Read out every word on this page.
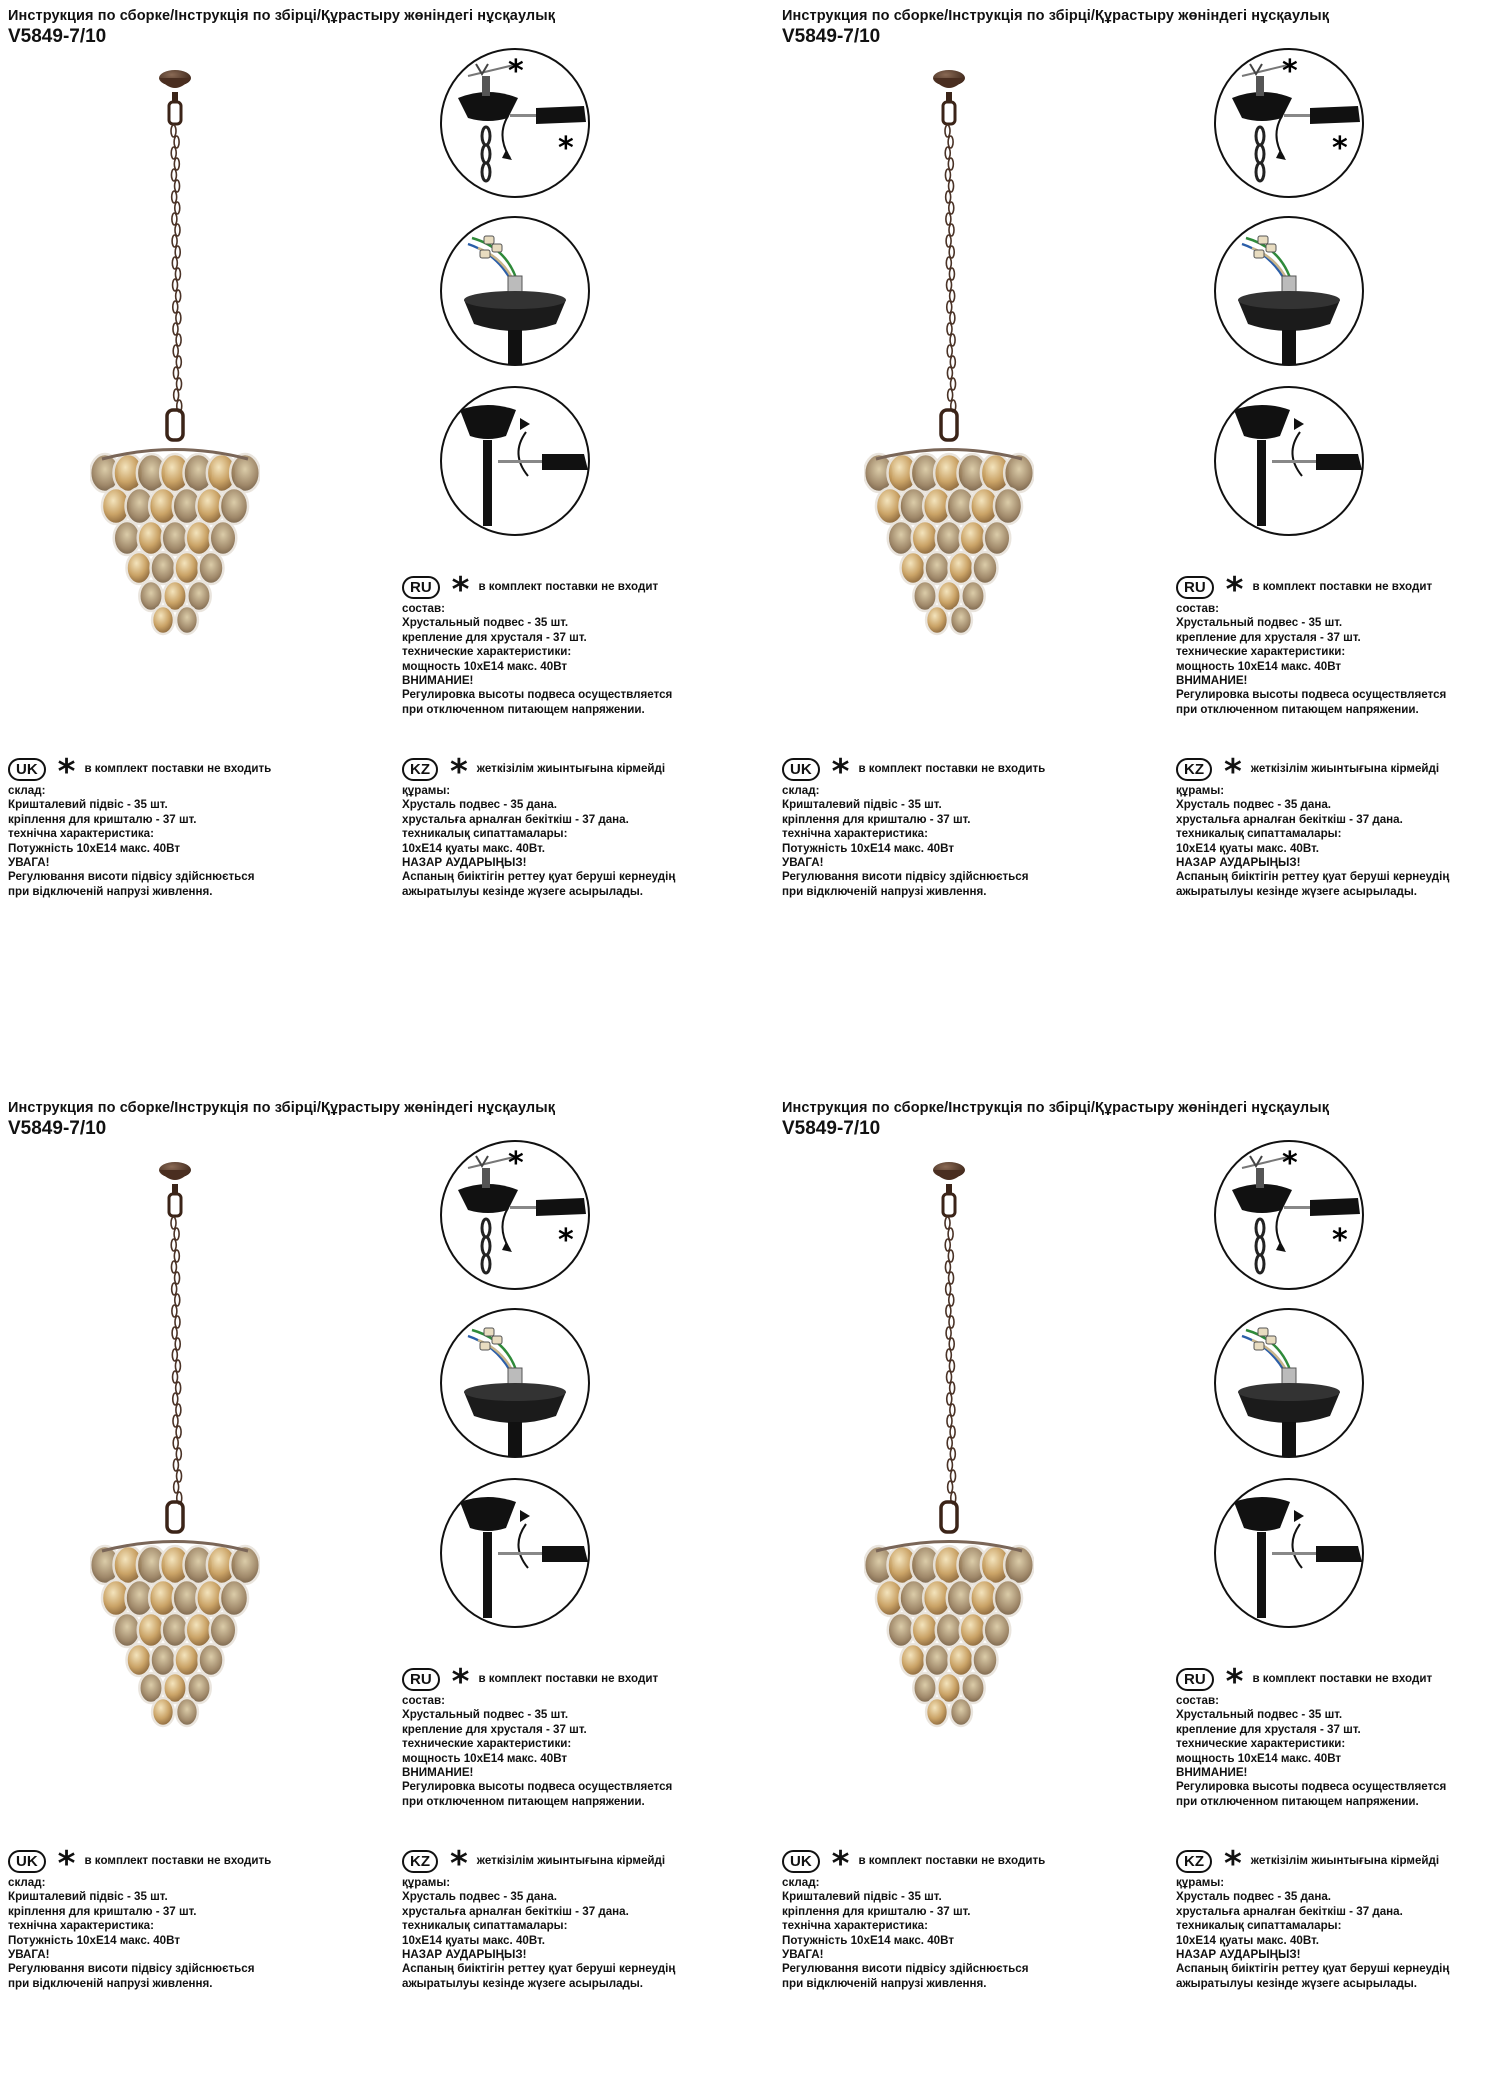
Инструкция по сборке/Інструкція по збірці/Құрастыру жөніндегі нұсқаулық
V5849-7/10
*
*
RU * в комплект поставки не входит
состав:
Хрустальный подвес - 35 шт.
крепление для хрусталя - 37 шт.
технические характеристики:
мощность 10xE14 макс. 40Вт
ВНИМАНИЕ!
Регулировка высоты подвеса осуществляется
при отключенном питающем напряжении.
UK * в комплект поставки не входить
склад:
Кришталевий підвіс - 35 шт.
кріплення для кришталю - 37 шт.
технічна характеристика:
Потужність 10xE14 макс. 40Вт
УВАГА!
Регулювання висоти підвісу здійснюється
при відключеній напрузі живлення.
KZ * жеткізілім жиынтығына кірмейді
құрамы:
Хрусталь подвес - 35 дана.
хрустальға арналған бекіткіш - 37 дана.
техникалық сипаттамалары:
10xE14 қуаты макс. 40Вт.
НАЗАР АУДАРЫҢЫЗ!
Аспаның биіктігін реттеу қуат беруші кернеудің
ажыратылуы кезінде жүзеге асырылады.
Инструкция по сборке/Інструкція по збірці/Құрастыру жөніндегі нұсқаулық
V5849-7/10
*
*
RU * в комплект поставки не входит
состав:
Хрустальный подвес - 35 шт.
крепление для хрусталя - 37 шт.
технические характеристики:
мощность 10xE14 макс. 40Вт
ВНИМАНИЕ!
Регулировка высоты подвеса осуществляется
при отключенном питающем напряжении.
UK * в комплект поставки не входить
склад:
Кришталевий підвіс - 35 шт.
кріплення для кришталю - 37 шт.
технічна характеристика:
Потужність 10xE14 макс. 40Вт
УВАГА!
Регулювання висоти підвісу здійснюється
при відключеній напрузі живлення.
KZ * жеткізілім жиынтығына кірмейді
құрамы:
Хрусталь подвес - 35 дана.
хрустальға арналған бекіткіш - 37 дана.
техникалық сипаттамалары:
10xE14 қуаты макс. 40Вт.
НАЗАР АУДАРЫҢЫЗ!
Аспаның биіктігін реттеу қуат беруші кернеудің
ажыратылуы кезінде жүзеге асырылады.
Инструкция по сборке/Інструкція по збірці/Құрастыру жөніндегі нұсқаулық
V5849-7/10
*
*
RU * в комплект поставки не входит
состав:
Хрустальный подвес - 35 шт.
крепление для хрусталя - 37 шт.
технические характеристики:
мощность 10xE14 макс. 40Вт
ВНИМАНИЕ!
Регулировка высоты подвеса осуществляется
при отключенном питающем напряжении.
UK * в комплект поставки не входить
склад:
Кришталевий підвіс - 35 шт.
кріплення для кришталю - 37 шт.
технічна характеристика:
Потужність 10xE14 макс. 40Вт
УВАГА!
Регулювання висоти підвісу здійснюється
при відключеній напрузі живлення.
KZ * жеткізілім жиынтығына кірмейді
құрамы:
Хрусталь подвес - 35 дана.
хрустальға арналған бекіткіш - 37 дана.
техникалық сипаттамалары:
10xE14 қуаты макс. 40Вт.
НАЗАР АУДАРЫҢЫЗ!
Аспаның биіктігін реттеу қуат беруші кернеудің
ажыратылуы кезінде жүзеге асырылады.
Инструкция по сборке/Інструкція по збірці/Құрастыру жөніндегі нұсқаулық
V5849-7/10
*
*
RU * в комплект поставки не входит
состав:
Хрустальный подвес - 35 шт.
крепление для хрусталя - 37 шт.
технические характеристики:
мощность 10xE14 макс. 40Вт
ВНИМАНИЕ!
Регулировка высоты подвеса осуществляется
при отключенном питающем напряжении.
UK * в комплект поставки не входить
склад:
Кришталевий підвіс - 35 шт.
кріплення для кришталю - 37 шт.
технічна характеристика:
Потужність 10xE14 макс. 40Вт
УВАГА!
Регулювання висоти підвісу здійснюється
при відключеній напрузі живлення.
KZ * жеткізілім жиынтығына кірмейді
құрамы:
Хрусталь подвес - 35 дана.
хрустальға арналған бекіткіш - 37 дана.
техникалық сипаттамалары:
10xE14 қуаты макс. 40Вт.
НАЗАР АУДАРЫҢЫЗ!
Аспаның биіктігін реттеу қуат беруші кернеудің
ажыратылуы кезінде жүзеге асырылады.
